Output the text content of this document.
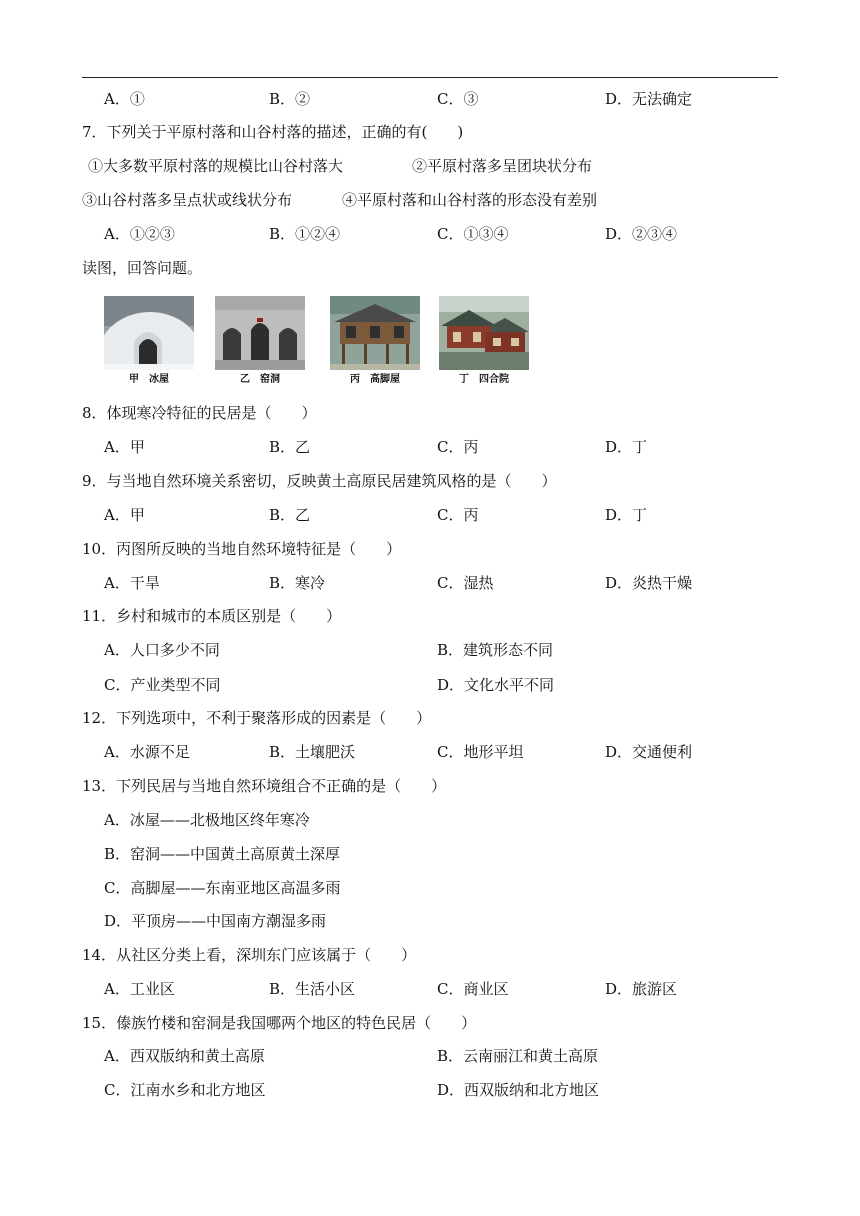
A．①	B．②	C．③	D．无法确定
7．下列关于平原村落和山谷村落的描述，正确的有(　　)
①大多数平原村落的规模比山谷村落大	②平原村落多呈团块状分布
③山谷村落多呈点状或线状分布	④平原村落和山谷村落的形态没有差别
A．①②③	B．①②④	C．①③④	D．②③④
读图，回答问题。
甲　冰屋	乙　窑洞	丙　高脚屋	丁　四合院
8．体现寒冷特征的民居是（　　）
A．甲	B．乙	C．丙	D．丁
9．与当地自然环境关系密切，反映黄土高原民居建筑风格的是（　　）
A．甲	B．乙	C．丙	D．丁
10．丙图所反映的当地自然环境特征是（　　）
A．干旱	B．寒冷	C．湿热	D．炎热干燥
11．乡村和城市的本质区别是（　　）
A．人口多少不同	B．建筑形态不同
C．产业类型不同	D．文化水平不同
12．下列选项中，不利于聚落形成的因素是（　　）
A．水源不足	B．土壤肥沃	C．地形平坦	D．交通便利
13．下列民居与当地自然环境组合不正确的是（　　）
A．冰屋——北极地区终年寒冷
B．窑洞——中国黄土高原黄土深厚
C．高脚屋——东南亚地区高温多雨
D．平顶房——中国南方潮湿多雨
14．从社区分类上看，深圳东门应该属于（　　）
A．工业区	B．生活小区	C．商业区	D．旅游区
15．傣族竹楼和窑洞是我国哪两个地区的特色民居（　　）
A．西双版纳和黄土高原	B．云南丽江和黄土高原
C．江南水乡和北方地区	D．西双版纳和北方地区
